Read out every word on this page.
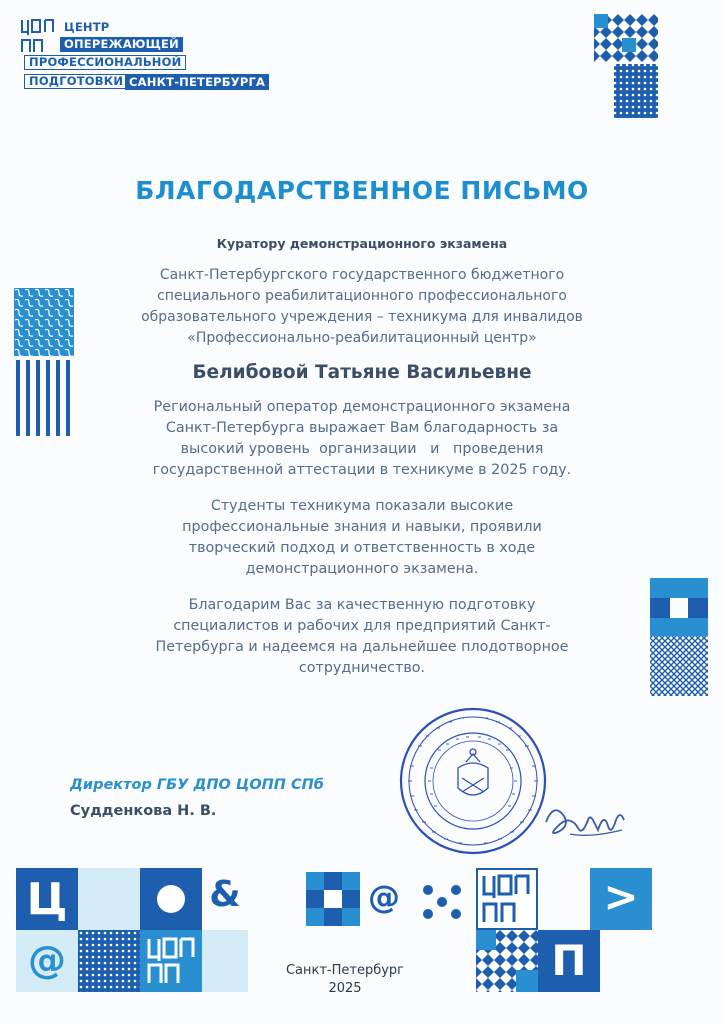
ЦЕНТР
ОПЕРЕЖАЮЩЕЙ
ПРОФЕССИОНАЛЬНОЙ
ПОДГОТОВКИ САНКТ-ПЕТЕРБУРГА
БЛАГОДАРСТВЕННОЕ ПИСЬМО
Куратору демонстрационного экзамена
Санкт-Петербургского государственного бюджетного
специального реабилитационного профессионального
образовательного учреждения – техникума для инвалидов
«Профессионально-реабилитационный центр»
Белибовой Татьяне Васильевне
Региональный оператор демонстрационного экзамена
Санкт-Петербурга выражает Вам благодарность за
высокий уровень  организации   и   проведения
государственной аттестации в техникуме в 2025 году.
Студенты техникума показали высокие
профессиональные знания и навыки, проявили
творческий подход и ответственность в ходе
демонстрационного экзамена.
Благодарим Вас за качественную подготовку
специалистов и рабочих для предприятий Санкт-
Петербурга и надеемся на дальнейшее плодотворное
сотрудничество.
Директор ГБУ ДПО ЦОПП СПб
Судденкова Н. В.
Ц	&
@
@
П
>
Санкт-Петербург
2025
